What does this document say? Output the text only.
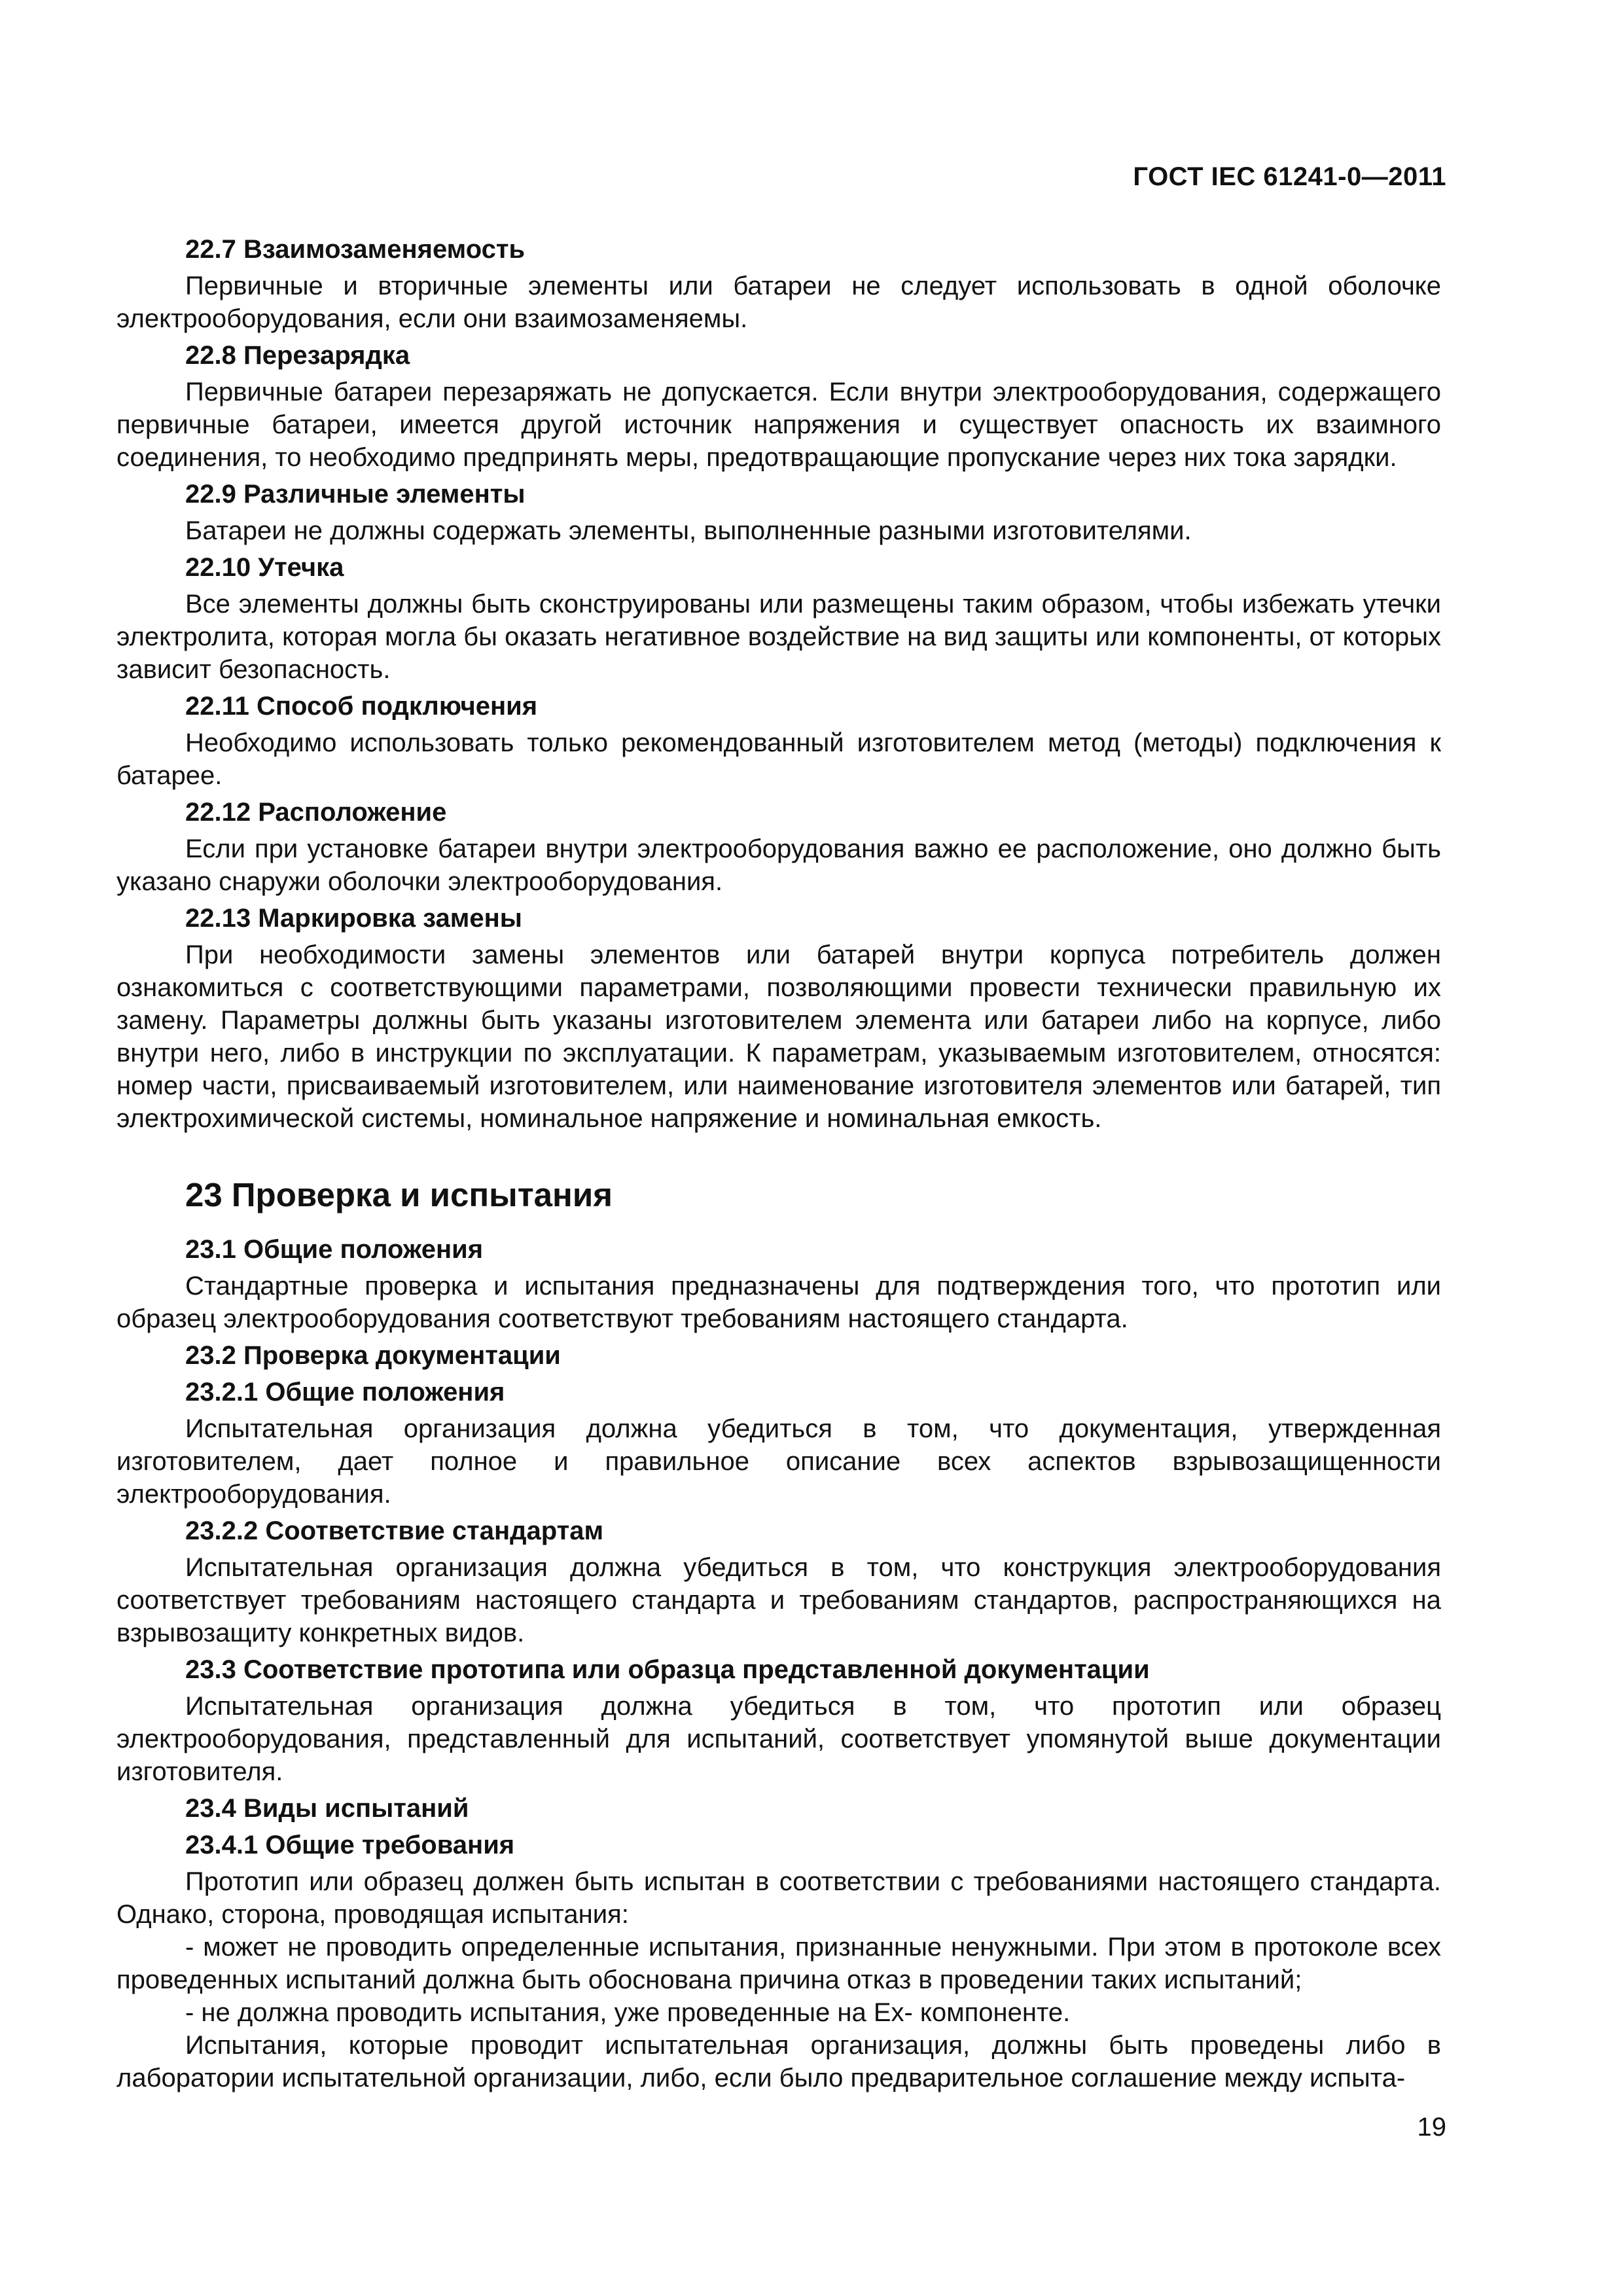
ГОСТ IEC 61241-0—2011
22.7 Взаимозаменяемость

Первичные и вторичные элементы или батареи не следует использовать в одной оболочке электрооборудования, если они взаимозаменяемы.

22.8 Перезарядка

Первичные батареи перезаряжать не допускается. Если внутри электрооборудования, содержащего первичные батареи, имеется другой источник напряжения и существует опасность их взаимного соединения, то необходимо предпринять меры, предотвращающие пропускание через них тока зарядки.

22.9 Различные элементы

Батареи не должны содержать элементы, выполненные разными изготовителями.

22.10 Утечка

Все элементы должны быть сконструированы или размещены таким образом, чтобы избежать утечки электролита, которая могла бы оказать негативное воздействие на вид защиты или компоненты, от которых зависит безопасность.

22.11 Способ подключения

Необходимо использовать только рекомендованный изготовителем метод (методы) подключения к батарее.

22.12 Расположение

Если при установке батареи внутри электрооборудования важно ее расположение, оно должно быть указано снаружи оболочки электрооборудования.

22.13 Маркировка замены

При необходимости замены элементов или батарей внутри корпуса потребитель должен ознакомиться с соответствующими параметрами, позволяющими провести технически правильную их замену. Параметры должны быть указаны изготовителем элемента или батареи либо на корпусе, либо внутри него, либо в инструкции по эксплуатации. К параметрам, указываемым изготовителем, относятся: номер части, присваиваемый изготовителем, или наименование изготовителя элементов или батарей, тип электрохимической системы, номинальное напряжение и номинальная емкость.

23 Проверка и испытания
23.1 Общие положения

Стандартные проверка и испытания предназначены для подтверждения того, что прототип или образец электрооборудования соответствуют требованиям настоящего стандарта.

23.2 Проверка документации
23.2.1 Общие положения

Испытательная организация должна убедиться в том, что документация, утвержденная изготовителем, дает полное и правильное описание всех аспектов взрывозащищенности электрооборудования.

23.2.2 Соответствие стандартам

Испытательная организация должна убедиться в том, что конструкция электрооборудования соответствует требованиям настоящего стандарта и требованиям стандартов, распространяющихся на взрывозащиту конкретных видов.

23.3 Соответствие прототипа или образца представленной документации

Испытательная организация должна убедиться в том, что прототип или образец электрооборудования, представленный для испытаний, соответствует упомянутой выше документации изготовителя.

23.4 Виды испытаний
23.4.1 Общие требования

Прототип или образец должен быть испытан в соответствии с требованиями настоящего стандарта. Однако, сторона, проводящая испытания:

- может не проводить определенные испытания, признанные ненужными. При этом в протоколе всех проведенных испытаний должна быть обоснована причина отказ в проведении таких испытаний;

- не должна проводить испытания, уже проведенные на Ex- компоненте.

Испытания, которые проводит испытательная организация, должны быть проведены либо в лаборатории испытательной организации, либо, если было предварительное соглашение между испыта-

19
